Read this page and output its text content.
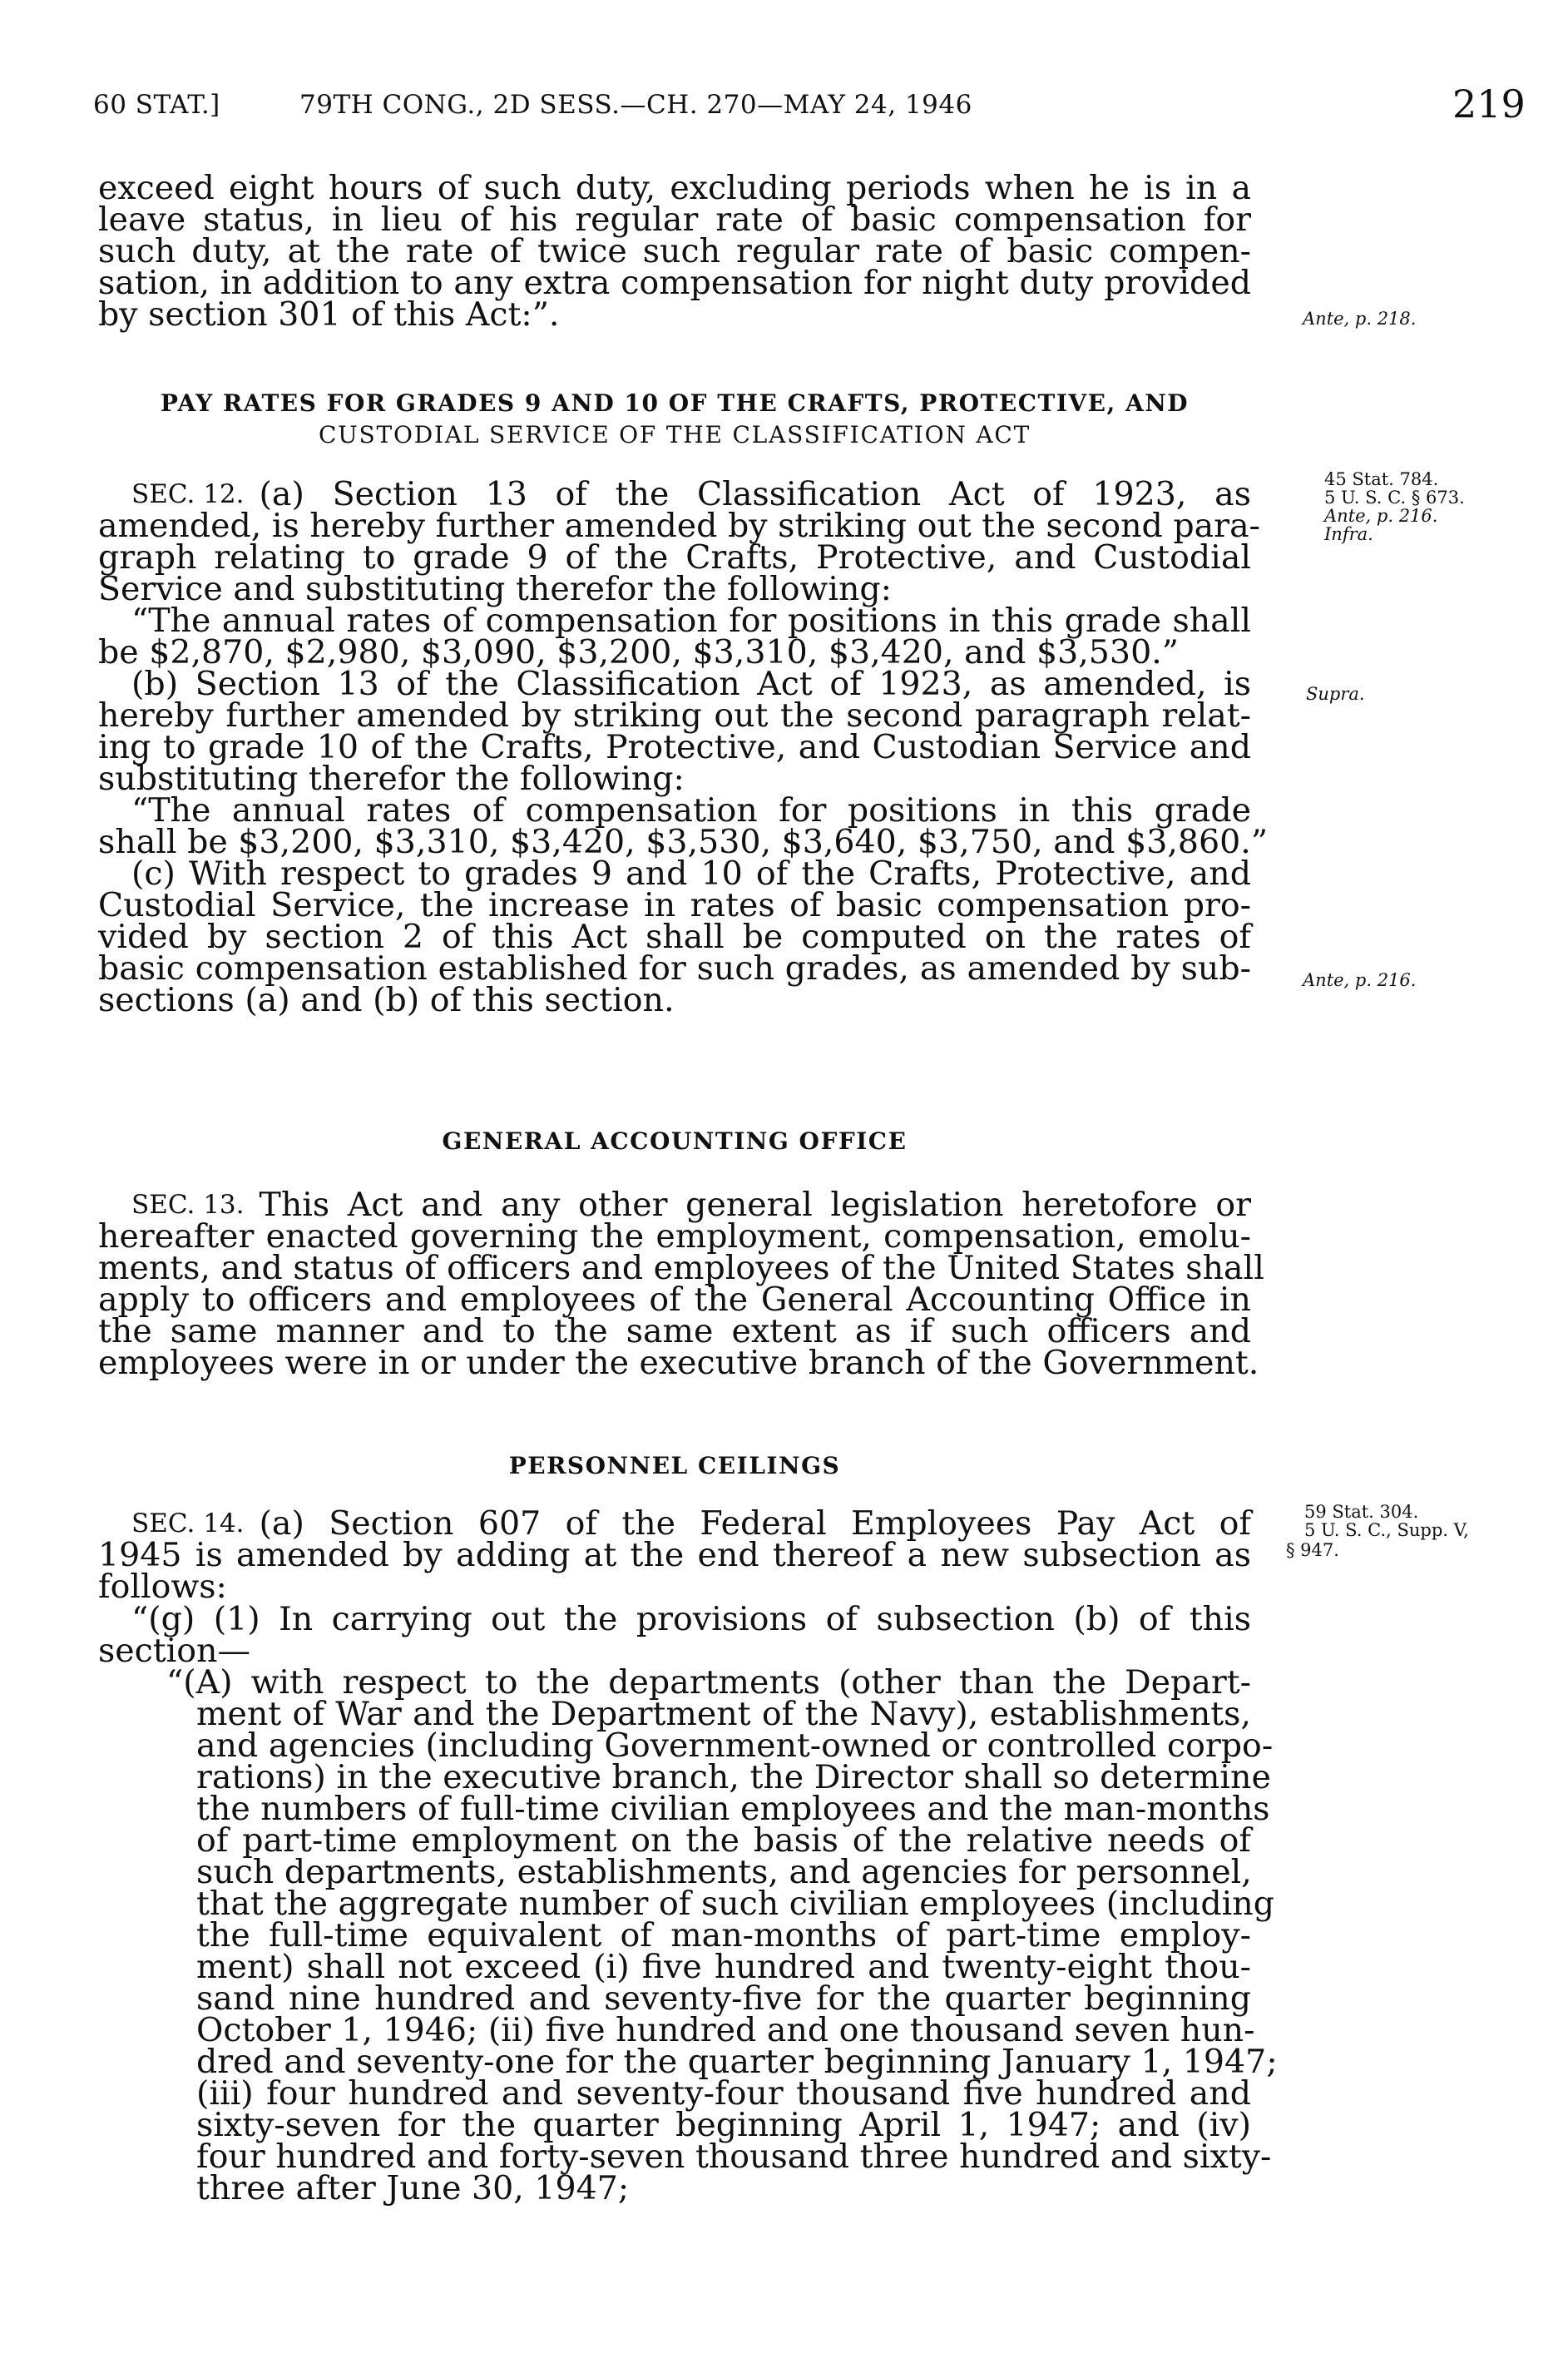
60 STAT.]	79TH CONG., 2D SESS.—CH. 270—MAY 24, 1946	219
exceed eight hours of such duty, excluding periods when he is in a
leave status, in lieu of his regular rate of basic compensation for
such duty, at the rate of twice such regular rate of basic compen-
sation, in addition to any extra compensation for night duty provided
by section 301 of this Act:”.	Ante, p. 218.
PAY RATES FOR GRADES 9 AND 10 OF THE CRAFTS, PROTECTIVE, AND
CUSTODIAL SERVICE OF THE CLASSIFICATION ACT
SEC. 12. (a) Section 13 of the Classification Act of 1923, as
amended, is hereby further amended by striking out the second para-
graph relating to grade 9 of the Crafts, Protective, and Custodial
Service and substituting therefor the following:
“The annual rates of compensation for positions in this grade shall
be $2,870, $2,980, $3,090, $3,200, $3,310, $3,420, and $3,530.”
(b) Section 13 of the Classification Act of 1923, as amended, is
hereby further amended by striking out the second paragraph relat-
ing to grade 10 of the Crafts, Protective, and Custodian Service and
substituting therefor the following:
“The annual rates of compensation for positions in this grade
shall be $3,200, $3,310, $3,420, $3,530, $3,640, $3,750, and $3,860.”
(c) With respect to grades 9 and 10 of the Crafts, Protective, and
Custodial Service, the increase in rates of basic compensation pro-
vided by section 2 of this Act shall be computed on the rates of
basic compensation established for such grades, as amended by sub-
sections (a) and (b) of this section.
45 Stat. 784.
5 U. S. C. § 673.
Ante, p. 216.
Infra.
Supra.
Ante, p. 216.
GENERAL ACCOUNTING OFFICE
SEC. 13. This Act and any other general legislation heretofore or
hereafter enacted governing the employment, compensation, emolu-
ments, and status of officers and employees of the United States shall
apply to officers and employees of the General Accounting Office in
the same manner and to the same extent as if such officers and
employees were in or under the executive branch of the Government.
PERSONNEL CEILINGS
SEC. 14. (a) Section 607 of the Federal Employees Pay Act of
1945 is amended by adding at the end thereof a new subsection as
follows:
“(g) (1) In carrying out the provisions of subsection (b) of this
section—
“(A) with respect to the departments (other than the Depart-
ment of War and the Department of the Navy), establishments,
and agencies (including Government-owned or controlled corpo-
rations) in the executive branch, the Director shall so determine
the numbers of full-time civilian employees and the man-months
of part-time employment on the basis of the relative needs of
such departments, establishments, and agencies for personnel,
that the aggregate number of such civilian employees (including
the full-time equivalent of man-months of part-time employ-
ment) shall not exceed (i) five hundred and twenty-eight thou-
sand nine hundred and seventy-five for the quarter beginning
October 1, 1946; (ii) five hundred and one thousand seven hun-
dred and seventy-one for the quarter beginning January 1, 1947;
(iii) four hundred and seventy-four thousand five hundred and
sixty-seven for the quarter beginning April 1, 1947; and (iv)
four hundred and forty-seven thousand three hundred and sixty-
three after June 30, 1947;
59 Stat. 304.
5 U. S. C., Supp. V,
§ 947.
